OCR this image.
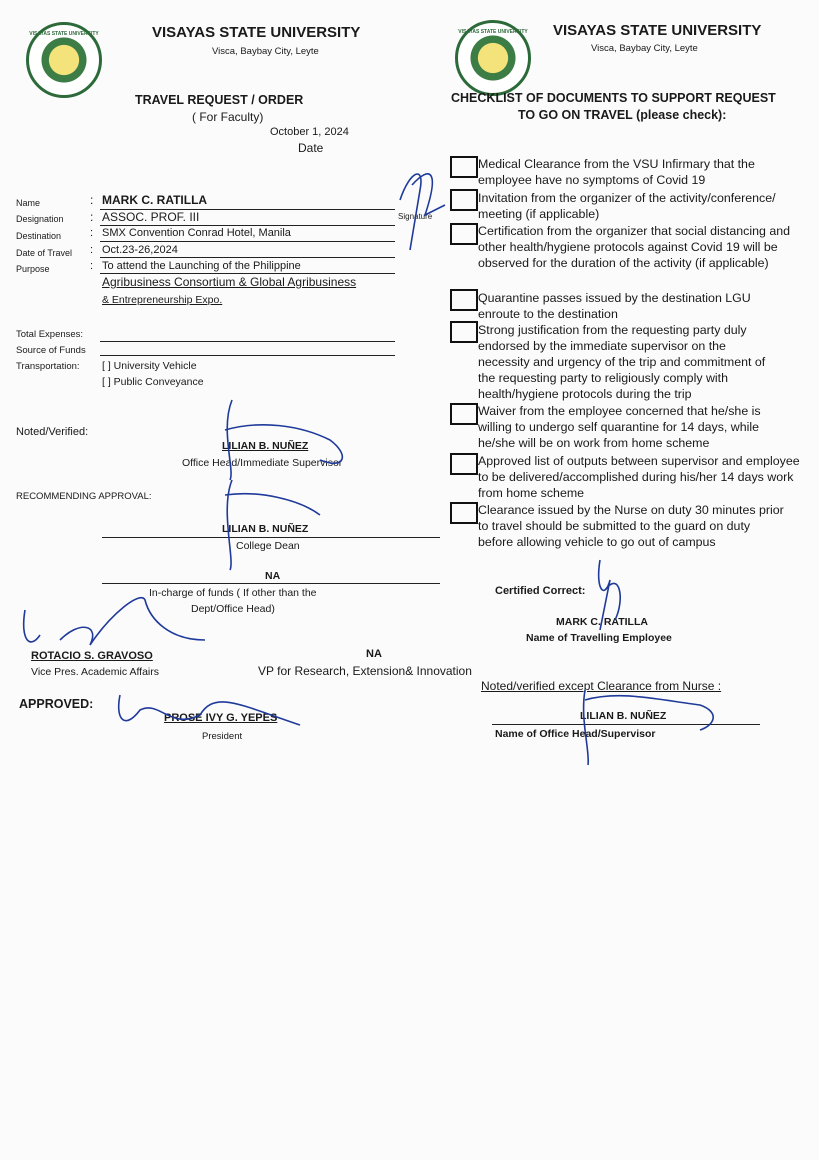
VISAYAS STATE UNIVERSITY	VISAYAS STATE UNIVERSITY
Visca, Baybay City, Leyte
TRAVEL REQUEST / ORDER
( For Faculty)
October 1, 2024
Date
Name	: MARK C. RATILLA
Designation : ASSOC. PROF. III
Destination	: SMX Convention Conrad Hotel, Manila
Date of Travel : Oct.23-26,2024
Purpose	: To attend the Launching of the Philippine
Agribusiness Consortium & Global Agribusiness
& Entrepreneurship Expo.
Signature
Total Expenses:
Source of Funds
Transportation: [ ] University Vehicle
[ ] Public Conveyance
Noted/Verified:
LILIAN B. NUÑEZ
Office Head/Immediate Supervisor
RECOMMENDING APPROVAL:
LILIAN B. NUÑEZ
College Dean
NA
In-charge of funds ( If other than the
Dept/Office Head)
ROTACIO S. GRAVOSO
Vice Pres. Academic Affairs
NA
VP for Research, Extension& Innovation
APPROVED:
PROSE IVY G. YEPES
President
VISAYAS STATE UNIVERSITY VISAYAS STATE UNIVERSITY
Visca, Baybay City, Leyte
CHECKLIST OF DOCUMENTS TO SUPPORT REQUEST
TO GO ON TRAVEL (please check):
Medical Clearance from the VSU Infirmary that the employee have no symptoms of Covid 19
Invitation from the organizer of the activity/conference/ meeting (if applicable)
Certification from the organizer that social distancing and other health/hygiene protocols against Covid 19 will be observed for the duration of the activity (if applicable)
Quarantine passes issued by the destination LGU enroute to the destination
Strong justification from the requesting party duly endorsed by the immediate supervisor on the necessity and urgency of the trip and commitment of the requesting party to religiously comply with health/hygiene protocols during the trip
Waiver from the employee concerned that he/she is willing to undergo self quarantine for 14 days, while he/she will be on work from home scheme
Approved list of outputs between supervisor and employee to be delivered/accomplished during his/her 14 days work from home scheme
Clearance issued by the Nurse on duty 30 minutes prior to travel should be submitted to the guard on duty before allowing vehicle to go out of campus
Certified Correct:
MARK C. RATILLA
Name of Travelling Employee
Noted/verified except Clearance from Nurse :
LILIAN B. NUÑEZ
Name of Office Head/Supervisor
